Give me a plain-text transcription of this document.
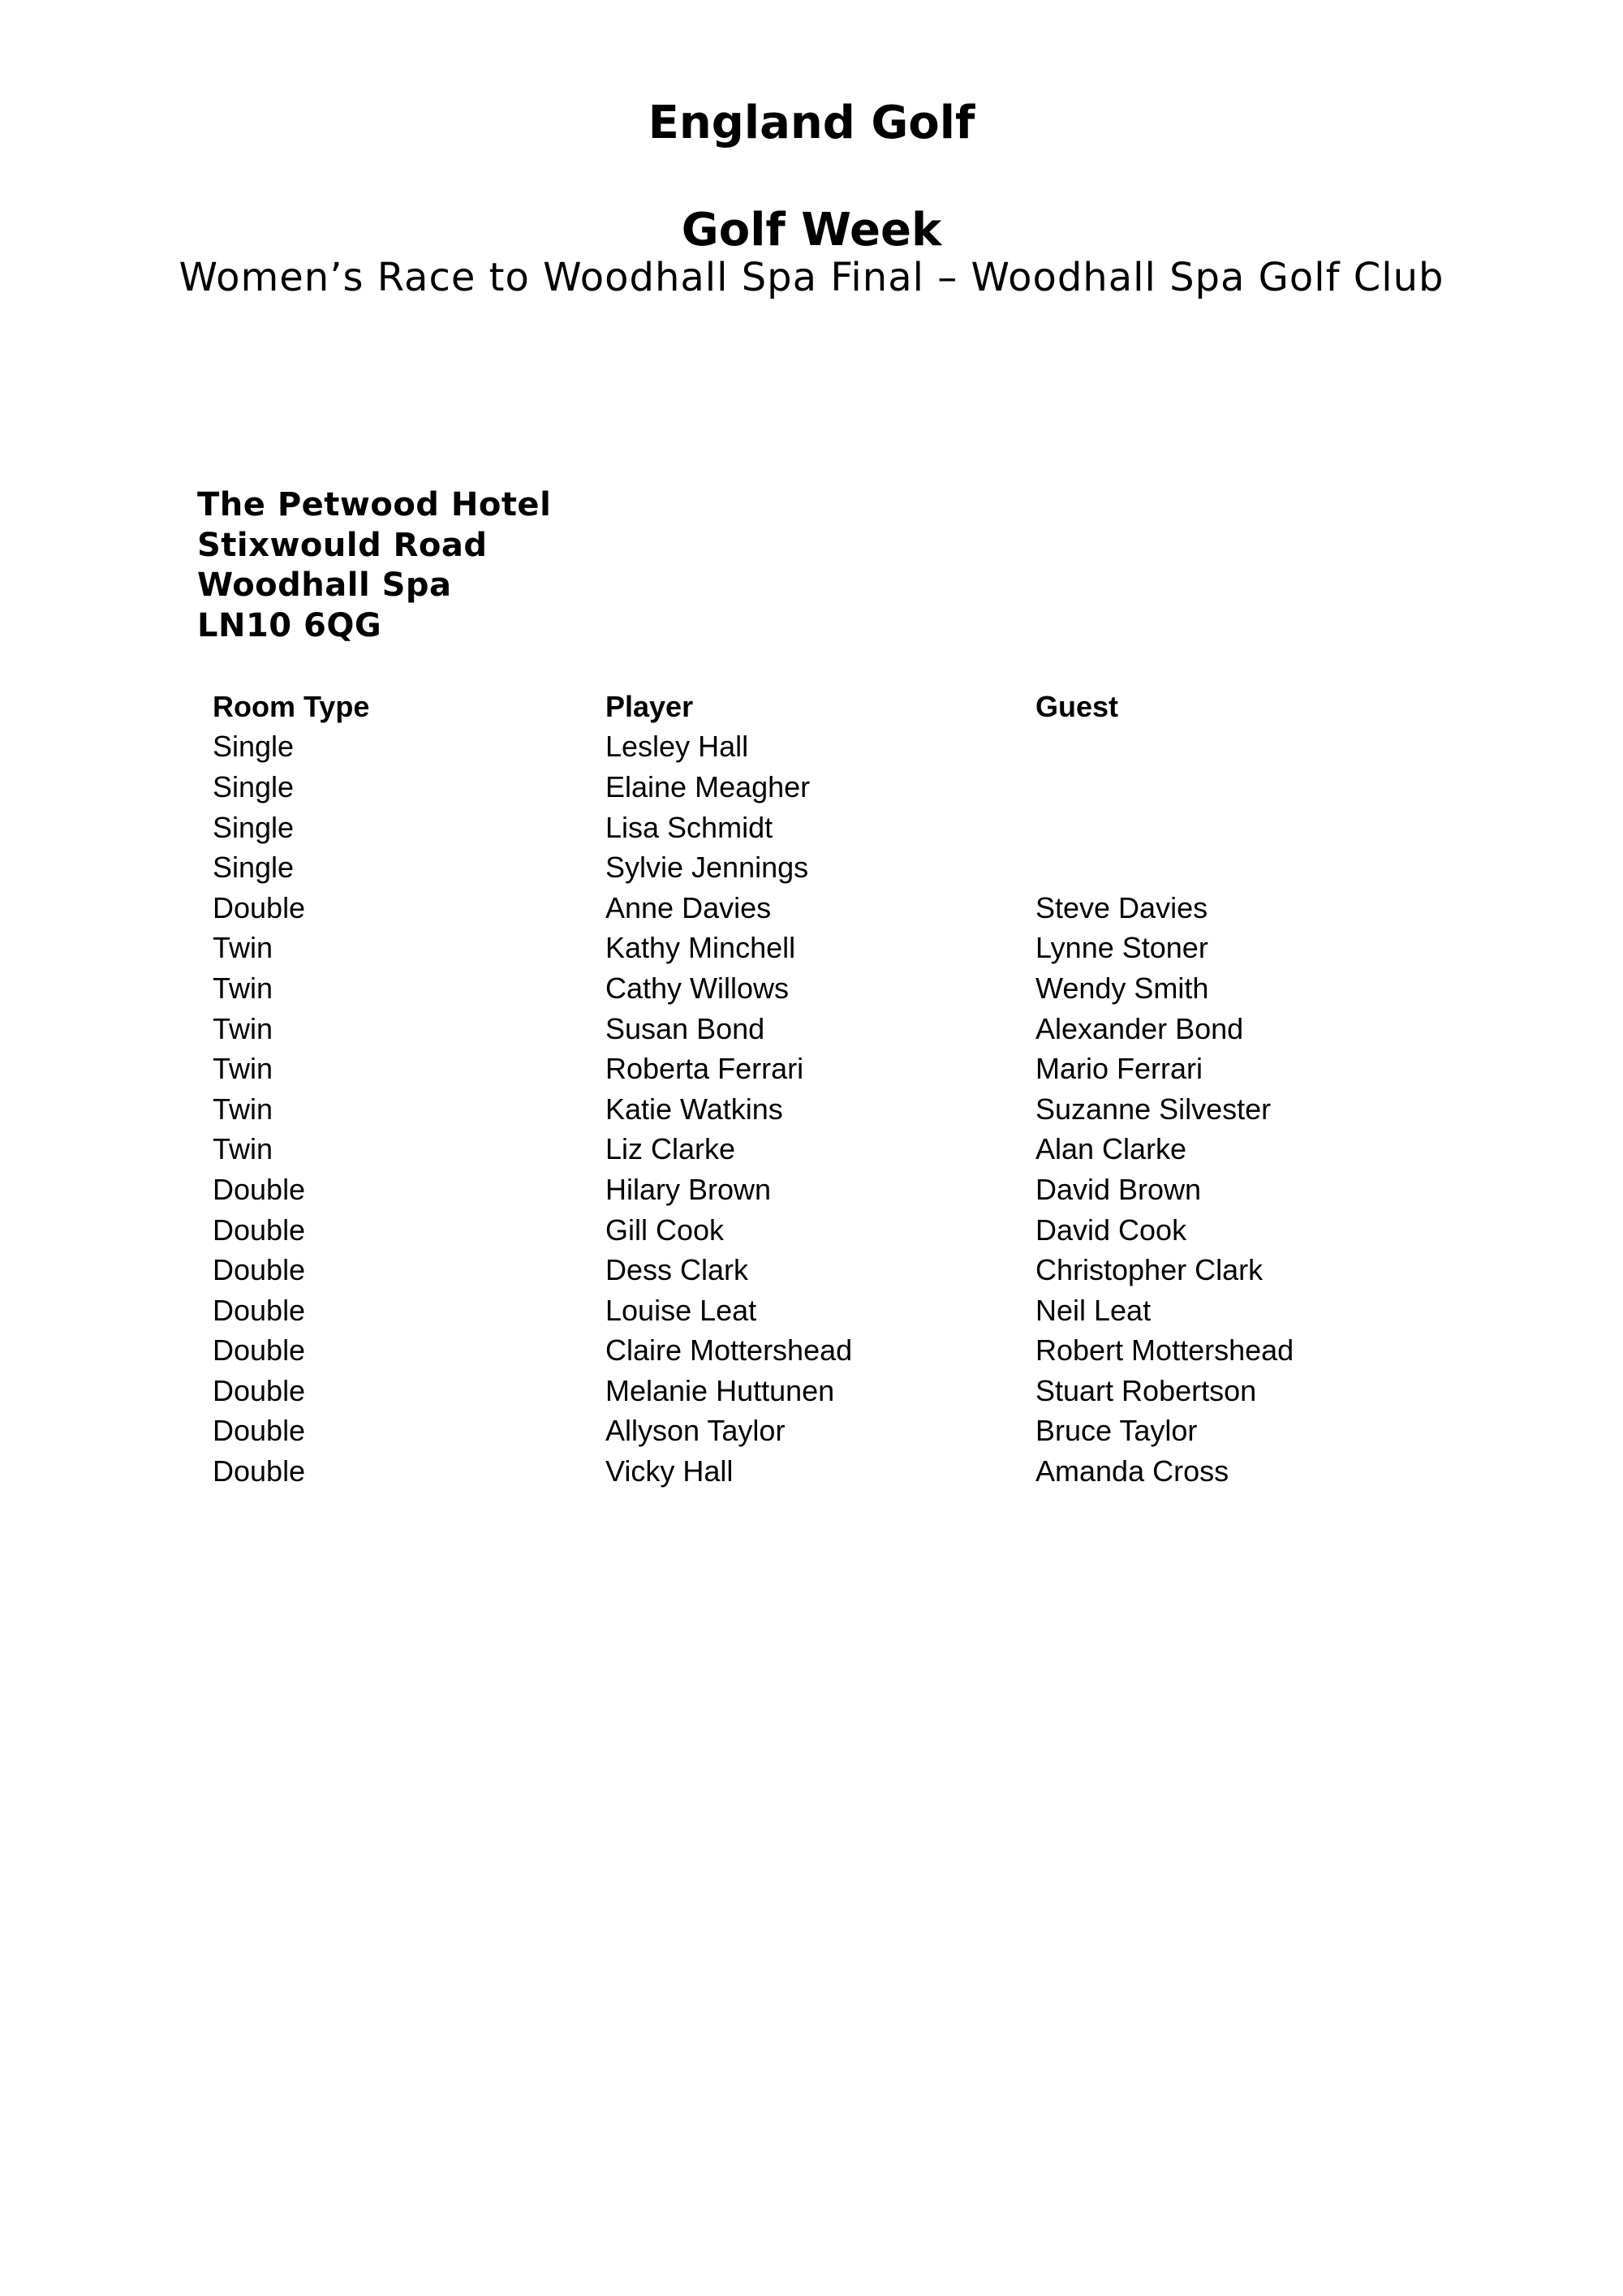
England Golf
Golf Week

Women’s Race to Woodhall Spa Final – Woodhall Spa Golf Club

The Petwood Hotel
Stixwould Road
Woodhall Spa
LN10 6QG
Room Type	Player	Guest
Single	Lesley Hall	
Single	Elaine Meagher	
Single	Lisa Schmidt	
Single	Sylvie Jennings	
Double	Anne Davies	Steve Davies
Twin	Kathy Minchell	Lynne Stoner
Twin	Cathy Willows	Wendy Smith
Twin	Susan Bond	Alexander Bond
Twin	Roberta Ferrari	Mario Ferrari
Twin	Katie Watkins	Suzanne Silvester
Twin	Liz Clarke	Alan Clarke
Double	Hilary Brown	David Brown
Double	Gill Cook	David Cook
Double	Dess Clark	Christopher Clark
Double	Louise Leat	Neil Leat
Double	Claire Mottershead	Robert Mottershead
Double	Melanie Huttunen	Stuart Robertson
Double	Allyson Taylor	Bruce Taylor
Double	Vicky Hall	Amanda Cross
